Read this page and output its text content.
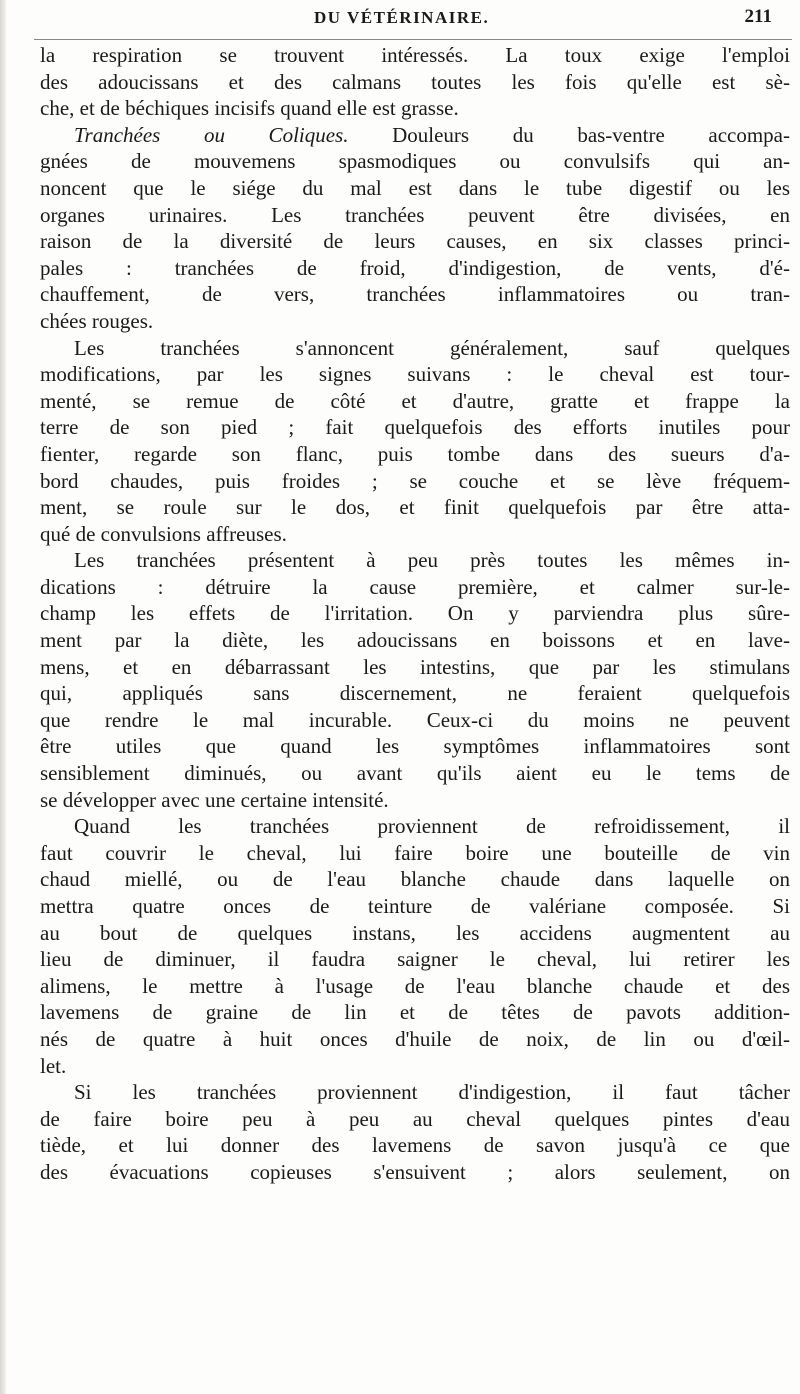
DU VÉTÉRINAIRE.	211
la respiration se trouvent intéressés. La toux exige l'emploi
des adoucissans et des calmans toutes les fois qu'elle est sè-
che, et de béchiques incisifs quand elle est grasse.
Tranchées ou Coliques. Douleurs du bas-ventre accompa-
gnées de mouvemens spasmodiques ou convulsifs qui an-
noncent que le siége du mal est dans le tube digestif ou les
organes urinaires. Les tranchées peuvent être divisées, en
raison de la diversité de leurs causes, en six classes princi-
pales : tranchées de froid, d'indigestion, de vents, d'é-
chauffement, de vers, tranchées inflammatoires ou tran-
chées rouges.
Les tranchées s'annoncent généralement, sauf quelques
modifications, par les signes suivans : le cheval est tour-
menté, se remue de côté et d'autre, gratte et frappe la
terre de son pied ; fait quelquefois des efforts inutiles pour
fienter, regarde son flanc, puis tombe dans des sueurs d'a-
bord chaudes, puis froides ; se couche et se lève fréquem-
ment, se roule sur le dos, et finit quelquefois par être atta-
qué de convulsions affreuses.
Les tranchées présentent à peu près toutes les mêmes in-
dications : détruire la cause première, et calmer sur-le-
champ les effets de l'irritation. On y parviendra plus sûre-
ment par la diète, les adoucissans en boissons et en lave-
mens, et en débarrassant les intestins, que par les stimulans
qui, appliqués sans discernement, ne feraient quelquefois
que rendre le mal incurable. Ceux-ci du moins ne peuvent
être utiles que quand les symptômes inflammatoires sont
sensiblement diminués, ou avant qu'ils aient eu le tems de
se développer avec une certaine intensité.
Quand les tranchées proviennent de refroidissement, il
faut couvrir le cheval, lui faire boire une bouteille de vin
chaud miellé, ou de l'eau blanche chaude dans laquelle on
mettra quatre onces de teinture de valériane composée. Si
au bout de quelques instans, les accidens augmentent au
lieu de diminuer, il faudra saigner le cheval, lui retirer les
alimens, le mettre à l'usage de l'eau blanche chaude et des
lavemens de graine de lin et de têtes de pavots addition-
nés de quatre à huit onces d'huile de noix, de lin ou d'œil-
let.
Si les tranchées proviennent d'indigestion, il faut tâcher
de faire boire peu à peu au cheval quelques pintes d'eau
tiède, et lui donner des lavemens de savon jusqu'à ce que
des évacuations copieuses s'ensuivent ; alors seulement, on
